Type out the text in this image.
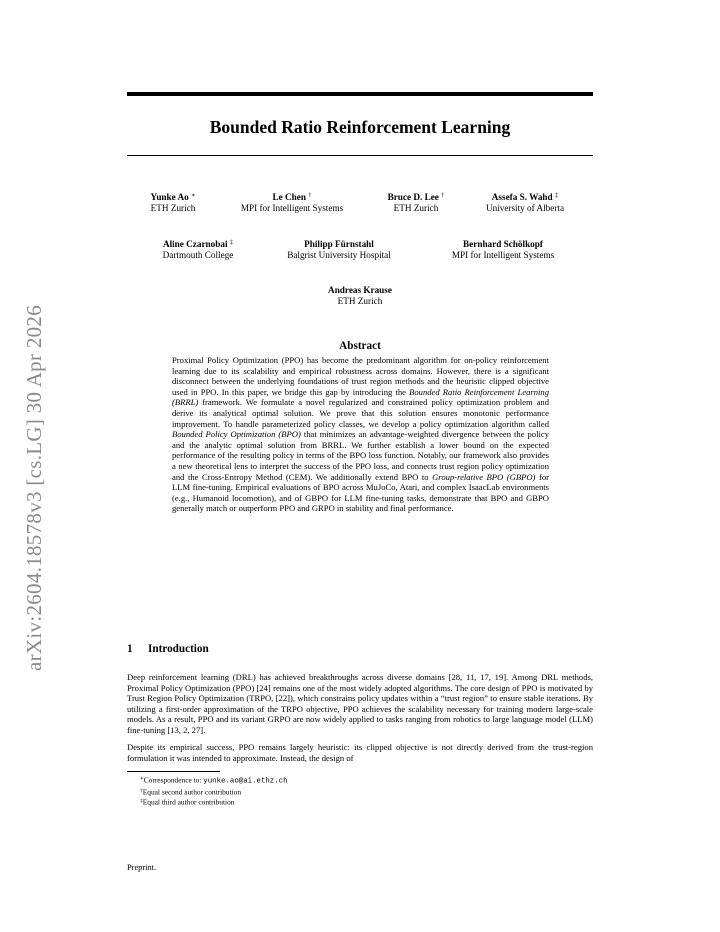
Bounded Ratio Reinforcement Learning
arXiv:2604.18578v3 [cs.LG] 30 Apr 2026
Yunke Ao ∗
ETH Zurich
Le Chen †
MPI for Intelligent Systems
Bruce D. Lee †
ETH Zurich
Assefa S. Wahd ‡
University of Alberta
Aline Czarnobai ‡
Dartmouth College
Philipp Fürnstahl
Balgrist University Hospital
Bernhard Schölkopf
MPI for Intelligent Systems
Andreas Krause
ETH Zurich
Abstract
Proximal Policy Optimization (PPO) has become the predominant algorithm for on-policy reinforcement learning due to its scalability and empirical robustness across domains. However, there is a significant disconnect between the underlying foundations of trust region methods and the heuristic clipped objective used in PPO. In this paper, we bridge this gap by introducing the Bounded Ratio Reinforcement Learning (BRRL) framework. We formulate a novel regularized and constrained policy optimization problem and derive its analytical optimal solution. We prove that this solution ensures monotonic performance improvement. To handle parameterized policy classes, we develop a policy optimization algorithm called Bounded Policy Optimization (BPO) that minimizes an advantage-weighted divergence between the policy and the analytic optimal solution from BRRL. We further establish a lower bound on the expected performance of the resulting policy in terms of the BPO loss function. Notably, our framework also provides a new theoretical lens to interpret the success of the PPO loss, and connects trust region policy optimization and the Cross-Entropy Method (CEM). We additionally extend BPO to Group-relative BPO (GBPO) for LLM fine-tuning. Empirical evaluations of BPO across MuJoCo, Atari, and complex IsaacLab environments (e.g., Humanoid locomotion), and of GBPO for LLM fine-tuning tasks, demonstrate that BPO and GBPO generally match or outperform PPO and GRPO in stability and final performance.
1 Introduction
Deep reinforcement learning (DRL) has achieved breakthroughs across diverse domains [28, 11, 17, 19]. Among DRL methods, Proximal Policy Optimization (PPO) [24] remains one of the most widely adopted algorithms. The core design of PPO is motivated by Trust Region Policy Optimization (TRPO, [22]), which constrains policy updates within a “trust region” to ensure stable iterations. By utilizing a first-order approximation of the TRPO objective, PPO achieves the scalability necessary for training modern large-scale models. As a result, PPO and its variant GRPO are now widely applied to tasks ranging from robotics to large language model (LLM) fine-tuning [13, 2, 27].
Despite its empirical success, PPO remains largely heuristic: its clipped objective is not directly derived from the trust-region formulation it was intended to approximate. Instead, the design of
∗Correspondence to: yunke.ao@ai.ethz.ch
†Equal second author contribution
‡Equal third author contribution
Preprint.
